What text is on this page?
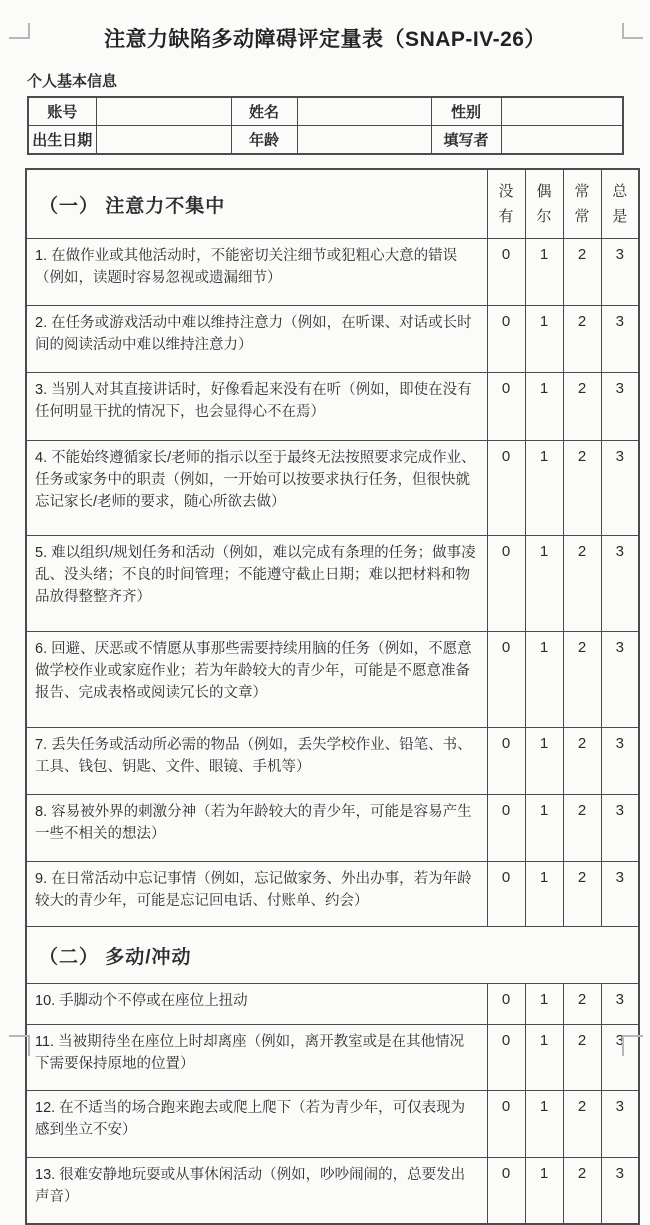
注意力缺陷多动障碍评定量表（SNAP-IV-26）
个人基本信息
账号		姓名		性别	
出生日期		年龄		填写者	
（一） 注意力不集中	没有	偶尔	常常	总是
1. 在做作业或其他活动时，不能密切关注细节或犯粗心大意的错误（例如，读题时容易忽视或遗漏细节）	0	1	2	3
2. 在任务或游戏活动中难以维持注意力（例如，在听课、对话或长时间的阅读活动中难以维持注意力）	0	1	2	3
3. 当别人对其直接讲话时，好像看起来没有在听（例如，即使在没有任何明显干扰的情况下，也会显得心不在焉）	0	1	2	3
4. 不能始终遵循家长/老师的指示以至于最终无法按照要求完成作业、任务或家务中的职责（例如，一开始可以按要求执行任务，但很快就忘记家长/老师的要求，随心所欲去做）	0	1	2	3
5. 难以组织/规划任务和活动（例如，难以完成有条理的任务；做事凌乱、没头绪；不良的时间管理；不能遵守截止日期；难以把材料和物品放得整整齐齐）	0	1	2	3
6. 回避、厌恶或不情愿从事那些需要持续用脑的任务（例如，不愿意做学校作业或家庭作业；若为年龄较大的青少年，可能是不愿意准备报告、完成表格或阅读冗长的文章）	0	1	2	3
7. 丢失任务或活动所必需的物品（例如，丢失学校作业、铅笔、书、工具、钱包、钥匙、文件、眼镜、手机等）	0	1	2	3
8. 容易被外界的刺激分神（若为年龄较大的青少年，可能是容易产生一些不相关的想法）	0	1	2	3
9. 在日常活动中忘记事情（例如，忘记做家务、外出办事，若为年龄较大的青少年，可能是忘记回电话、付账单、约会）	0	1	2	3
（二） 多动/冲动				
10. 手脚动个不停或在座位上扭动	0	1	2	3
11. 当被期待坐在座位上时却离座（例如，离开教室或是在其他情况下需要保持原地的位置）	0	1	2	3
12. 在不适当的场合跑来跑去或爬上爬下（若为青少年，可仅表现为感到坐立不安）	0	1	2	3
13. 很难安静地玩耍或从事休闲活动（例如，吵吵闹闹的，总要发出声音）	0	1	2	3
